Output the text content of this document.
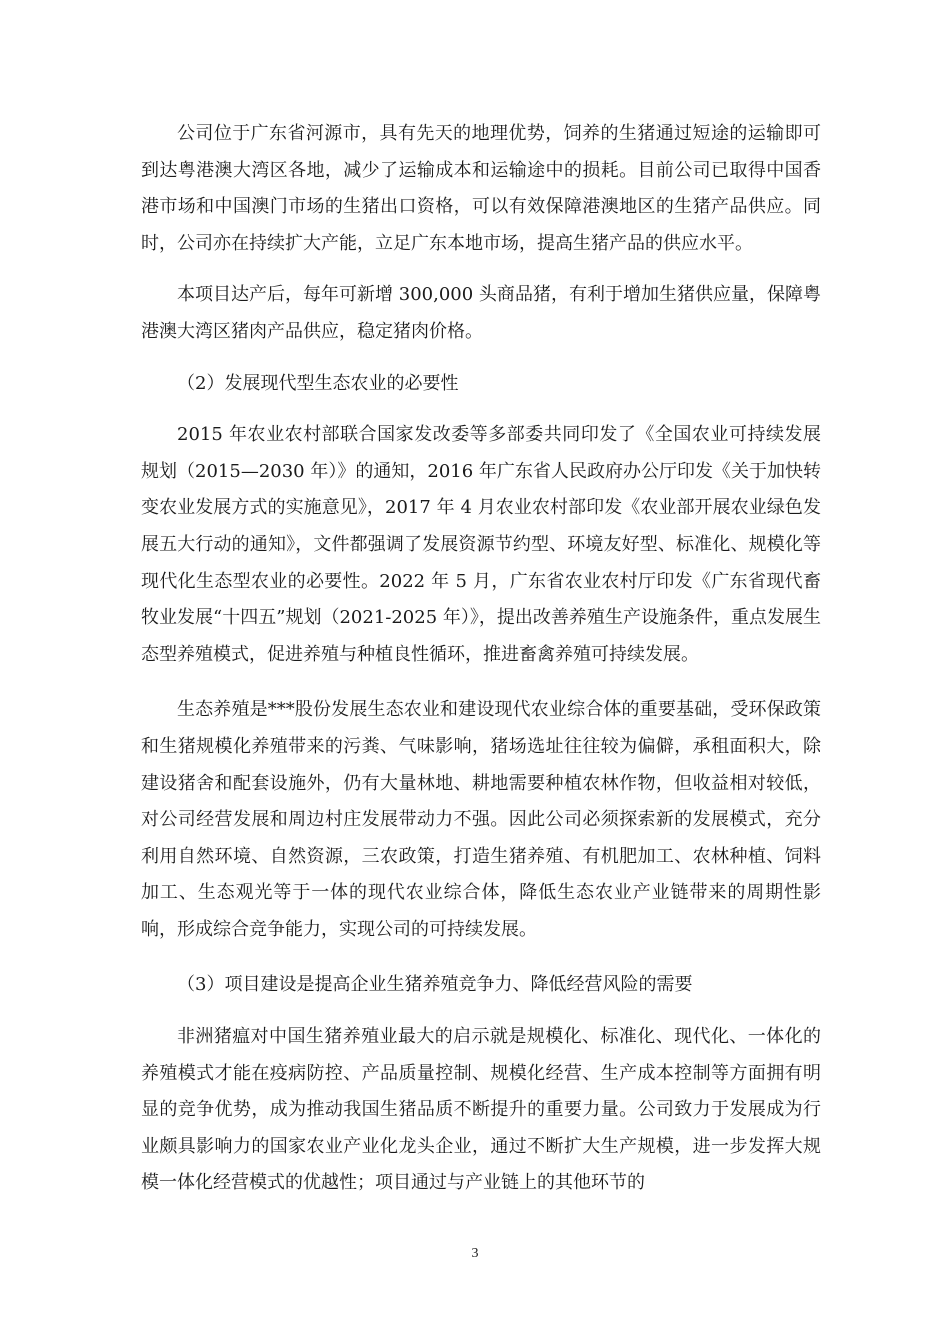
公司位于广东省河源市，具有先天的地理优势，饲养的生猪通过短途的运输即可到达粤港澳大湾区各地，减少了运输成本和运输途中的损耗。目前公司已取得中国香港市场和中国澳门市场的生猪出口资格，可以有效保障港澳地区的生猪产品供应。同时，公司亦在持续扩大产能，立足广东本地市场，提高生猪产品的供应水平。

本项目达产后，每年可新增 300,000 头商品猪，有利于增加生猪供应量，保障粤港澳大湾区猪肉产品供应，稳定猪肉价格。

（2）发展现代型生态农业的必要性

2015 年农业农村部联合国家发改委等多部委共同印发了《全国农业可持续发展规划（2015—2030 年）》的通知，2016 年广东省人民政府办公厅印发《关于加快转变农业发展方式的实施意见》，2017 年 4 月农业农村部印发《农业部开展农业绿色发展五大行动的通知》，文件都强调了发展资源节约型、环境友好型、标准化、规模化等现代化生态型农业的必要性。2022 年 5 月，广东省农业农村厅印发《广东省现代畜牧业发展“十四五”规划（2021-2025 年）》，提出改善养殖生产设施条件，重点发展生态型养殖模式，促进养殖与种植良性循环，推进畜禽养殖可持续发展。

生态养殖是***股份发展生态农业和建设现代农业综合体的重要基础，受环保政策和生猪规模化养殖带来的污粪、气味影响，猪场选址往往较为偏僻，承租面积大，除建设猪舍和配套设施外，仍有大量林地、耕地需要种植农林作物，但收益相对较低，对公司经营发展和周边村庄发展带动力不强。因此公司必须探索新的发展模式，充分利用自然环境、自然资源，三农政策，打造生猪养殖、有机肥加工、农林种植、饲料加工、生态观光等于一体的现代农业综合体，降低生态农业产业链带来的周期性影响，形成综合竞争能力，实现公司的可持续发展。

（3）项目建设是提高企业生猪养殖竞争力、降低经营风险的需要

非洲猪瘟对中国生猪养殖业最大的启示就是规模化、标准化、现代化、一体化的养殖模式才能在疫病防控、产品质量控制、规模化经营、生产成本控制等方面拥有明显的竞争优势，成为推动我国生猪品质不断提升的重要力量。公司致力于发展成为行业颇具影响力的国家农业产业化龙头企业，通过不断扩大生产规模，进一步发挥大规模一体化经营模式的优越性；项目通过与产业链上的其他环节的

3
